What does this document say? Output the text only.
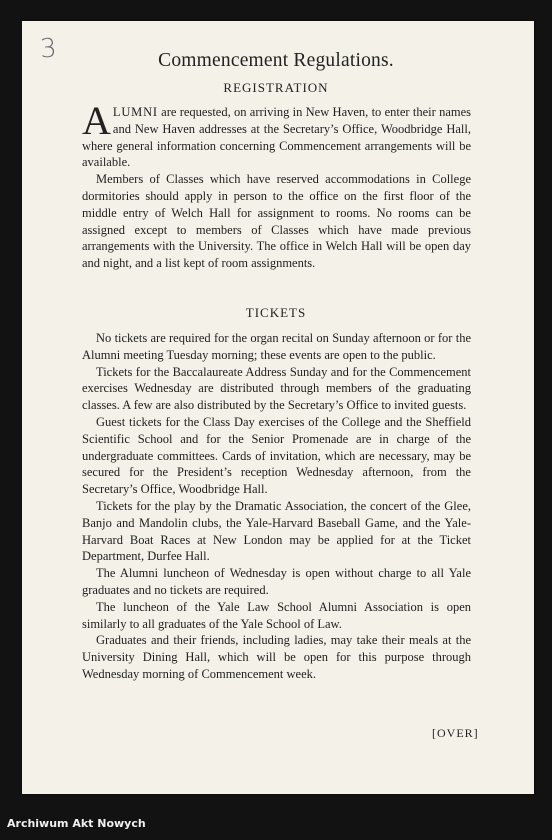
3	Commencement Regulations.
REGISTRATION

ALUMNI are requested, on arriving in New Haven, to enter their names and New Haven addresses at the Secretary’s Office, Woodbridge Hall, where general information concerning Commencement arrangements will be available.

Members of Classes which have reserved accommodations in College dormitories should apply in person to the office on the first floor of the middle entry of Welch Hall for assignment to rooms. No rooms can be assigned except to members of Classes which have made previous arrangements with the University. The office in Welch Hall will be open day and night, and a list kept of room assignments.

TICKETS

No tickets are required for the organ recital on Sunday afternoon or for the Alumni meeting Tuesday morning; these events are open to the public.

Tickets for the Baccalaureate Address Sunday and for the Commencement exercises Wednesday are distributed through members of the graduating classes. A few are also distributed by the Secretary’s Office to invited guests.

Guest tickets for the Class Day exercises of the College and the Sheffield Scientific School and for the Senior Promenade are in charge of the undergraduate committees. Cards of invitation, which are necessary, may be secured for the President’s reception Wednesday afternoon, from the Secretary’s Office, Woodbridge Hall.

Tickets for the play by the Dramatic Association, the concert of the Glee, Banjo and Mandolin clubs, the Yale-Harvard Baseball Game, and the Yale-Harvard Boat Races at New London may be applied for at the Ticket Department, Durfee Hall.

The Alumni luncheon of Wednesday is open without charge to all Yale graduates and no tickets are required.

The luncheon of the Yale Law School Alumni Association is open similarly to all graduates of the Yale School of Law.

Graduates and their friends, including ladies, may take their meals at the University Dining Hall, which will be open for this purpose through Wednesday morning of Commencement week.

[OVER]
Archiwum Akt Nowych
